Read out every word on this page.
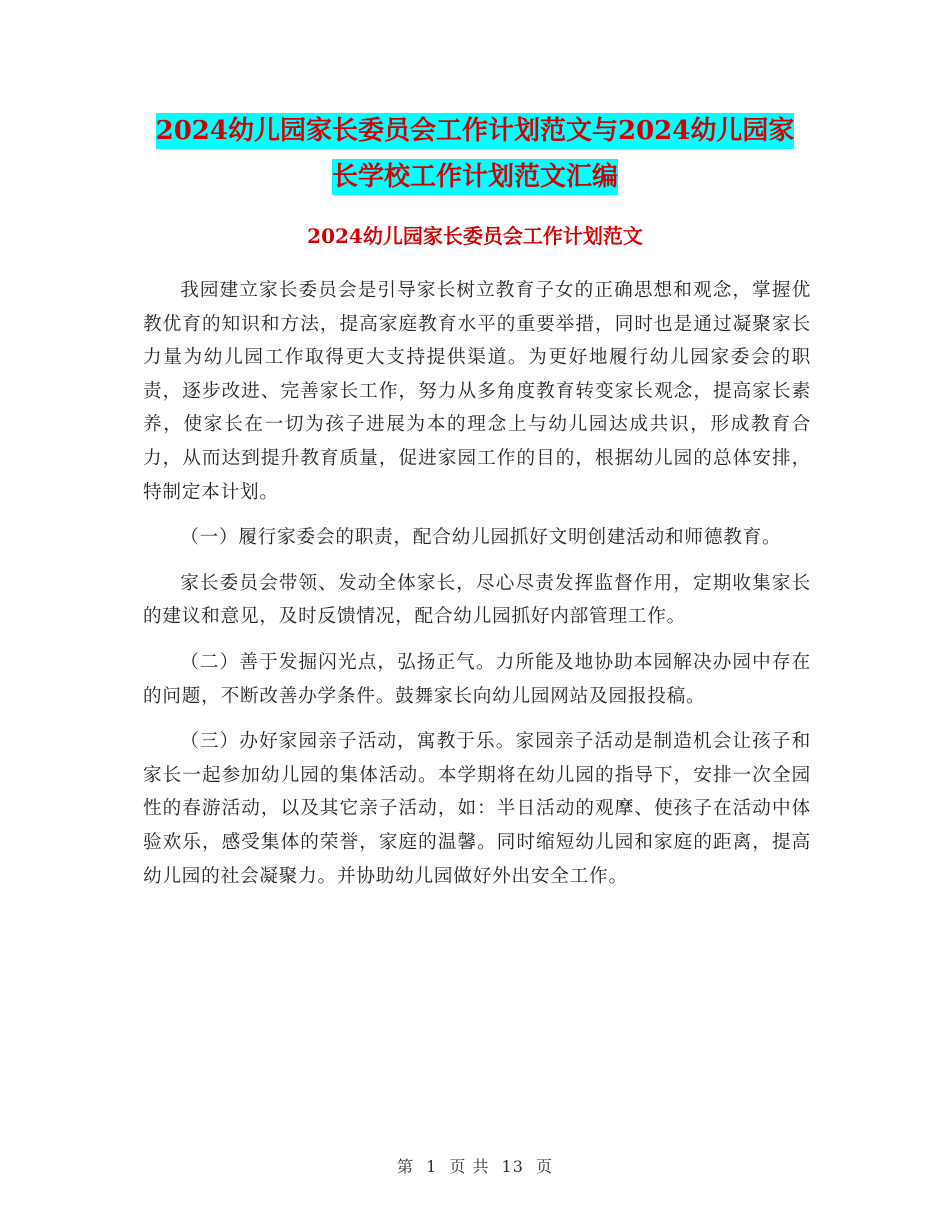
2024幼儿园家长委员会工作计划范文与2024幼儿园家
长学校工作计划范文汇编
2024幼儿园家长委员会工作计划范文

我园建立家长委员会是引导家长树立教育子女的正确思想和观念，掌握优教优育的知识和方法，提高家庭教育水平的重要举措，同时也是通过凝聚家长力量为幼儿园工作取得更大支持提供渠道。为更好地履行幼儿园家委会的职责，逐步改进、完善家长工作，努力从多角度教育转变家长观念，提高家长素养，使家长在一切为孩子进展为本的理念上与幼儿园达成共识，形成教育合力，从而达到提升教育质量，促进家园工作的目的，根据幼儿园的总体安排，特制定本计划。

（一）履行家委会的职责，配合幼儿园抓好文明创建活动和师德教育。

家长委员会带领、发动全体家长，尽心尽责发挥监督作用，定期收集家长的建议和意见，及时反馈情况，配合幼儿园抓好内部管理工作。

（二）善于发掘闪光点，弘扬正气。力所能及地协助本园解决办园中存在的问题，不断改善办学条件。鼓舞家长向幼儿园网站及园报投稿。

（三）办好家园亲子活动，寓教于乐。家园亲子活动是制造机会让孩子和家长一起参加幼儿园的集体活动。本学期将在幼儿园的指导下，安排一次全园性的春游活动，以及其它亲子活动，如：半日活动的观摩、使孩子在活动中体验欢乐，感受集体的荣誉，家庭的温馨。同时缩短幼儿园和家庭的距离，提高幼儿园的社会凝聚力。并协助幼儿园做好外出安全工作。

第 1 页 共 13 页
